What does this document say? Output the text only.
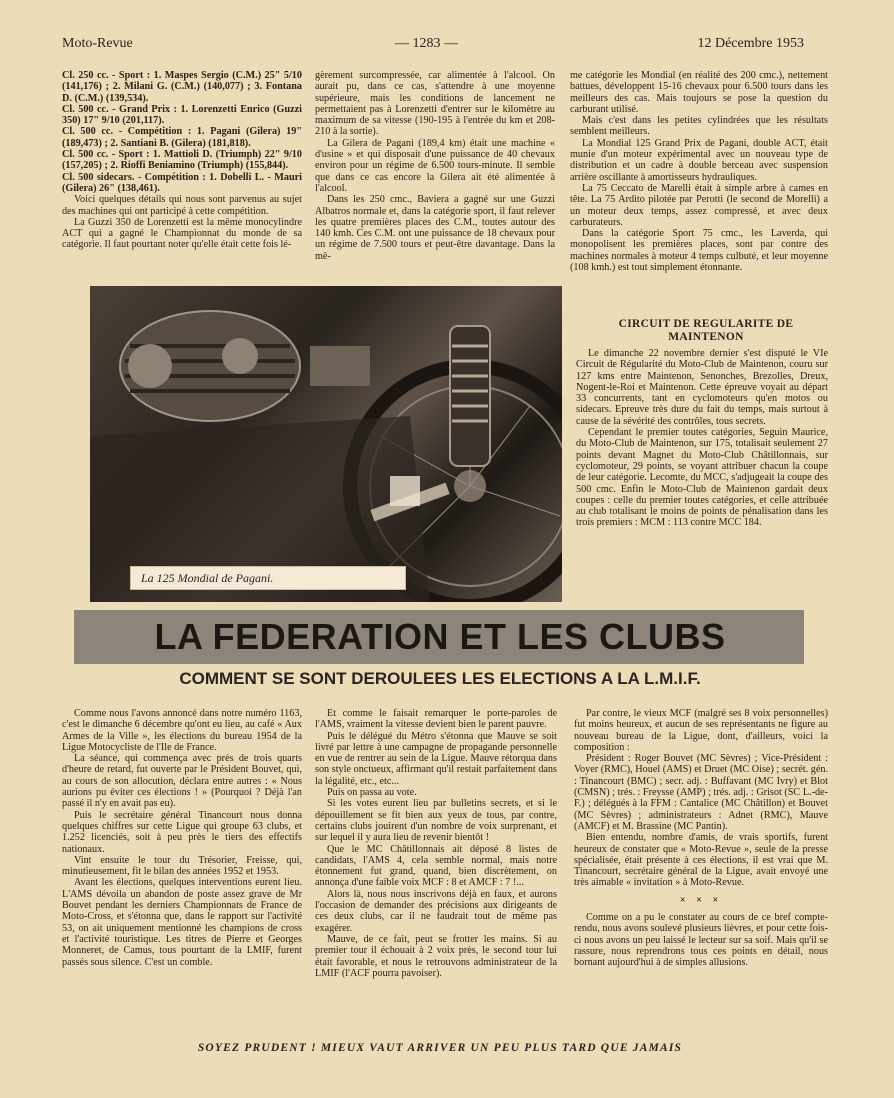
Moto-Revue	— 1283 —	12 Décembre 1953

Cl. 250 cc. - Sport : 1. Maspes Sergio (C.M.) 25" 5/10 (141,176) ; 2. Milani G. (C.M.) (140,077) ; 3. Fontana D. (C.M.) (139,534).

Cl. 500 cc. - Grand Prix : 1. Lorenzetti Enrico (Guzzi 350) 17" 9/10 (201,117).

Cl. 500 cc. - Compétition : 1. Pagani (Gilera) 19" (189,473) ; 2. Santiani B. (Gilera) (181,818).

Cl. 500 cc. - Sport : 1. Mattioli D. (Triumph) 22" 9/10 (157,205) ; 2. Rioffi Beniamino (Triumph) (155,844).

Cl. 500 sidecars. - Compétition : 1. Dobelli L. - Mauri (Gilera) 26" (138,461).

Voici quelques détails qui nous sont parvenus au sujet des machines qui ont participé à cette compétition.

La Guzzi 350 de Lorenzetti est la même monocylindre ACT qui a gagné le Championnat du monde de sa catégorie. Il faut pourtant noter qu'elle était cette fois lé-

gèrement surcompressée, car alimentée à l'alcool. On aurait pu, dans ce cas, s'attendre à une moyenne supérieure, mais les conditions de lancement ne permettaient pas à Lorenzetti d'entrer sur le kilomètre au maximum de sa vitesse (190-195 à l'entrée du km et 208-210 à la sortie).

La Gilera de Pagani (189,4 km) était une machine « d'usine » et qui disposait d'une puissance de 40 chevaux environ pour un régime de 6.500 tours-minute. Il semble que dans ce cas encore la Gilera ait été alimentée à l'alcool.

Dans les 250 cmc., Baviera a gagné sur une Guzzi Albatros normale et, dans la catégorie sport, il faut relever les quatre premières places des C.M., toutes autour des 140 kmh. Ces C.M. ont une puissance de 18 chevaux pour un régime de 7.500 tours et peut-être davantage. Dans la mê-

me catégorie les Mondial (en réalité des 200 cmc.), nettement battues, développent 15-16 chevaux pour 6.500 tours dans les meilleurs des cas. Mais toujours se pose la question du carburant utilisé.

Mais c'est dans les petites cylindrées que les résultats semblent meilleurs.

La Mondial 125 Grand Prix de Pagani, double ACT, était munie d'un moteur expérimental avec un nouveau type de distribution et un cadre à double berceau avec suspension arrière oscillante à amortisseurs hydrauliques.

La 75 Ceccato de Marelli était à simple arbre à cames en tête. La 75 Ardito pilotée par Perotti (le second de Morelli) a un moteur deux temps, assez compressé, et avec deux carburateurs.

Dans la catégorie Sport 75 cmc., les Laverda, qui monopolisent les premières places, sont par contre des machines normales à moteur 4 temps culbuté, et leur moyenne (108 kmh.) est tout simplement étonnante.

CIRCUIT DE REGULARITE DE MAINTENON

Le dimanche 22 novembre dernier s'est disputé le VIe Circuit de Régularité du Moto-Club de Maintenon, couru sur 127 kms entre Maintenon, Senonches, Brezolles, Dreux, Nogent-le-Roi et Maintenon. Cette épreuve voyait au départ 33 concurrents, tant en cyclomoteurs qu'en motos ou sidecars. Epreuve très dure du fait du temps, mais surtout à cause de la sévérité des contrôles, tous secrets.

Cependant le premier toutes catégories, Seguin Maurice, du Moto-Club de Maintenon, sur 175, totalisait seulement 27 points devant Magnet du Moto-Club Châtillonnais, sur cyclomoteur, 29 points, se voyant attribuer chacun la coupe de leur catégorie. Lecomte, du MCC, s'adjugeait la coupe des 500 cmc. Enfin le Moto-Club de Maintenon gardait deux coupes : celle du premier toutes catégories, et celle attribuée au club totalisant le moins de points de pénalisation dans les trois premiers : MCM : 113 contre MCC 184.

La 125 Mondial de Pagani.
LA FEDERATION ET LES CLUBS
COMMENT SE SONT DEROULEES LES ELECTIONS A LA L.M.I.F.

Comme nous l'avons annoncé dans notre numéro 1163, c'est le dimanche 6 décembre qu'ont eu lieu, au café « Aux Armes de la Ville », les élections du bureau 1954 de la Ligue Motocycliste de l'Ile de France.

La séance, qui commença avec près de trois quarts d'heure de retard, fut ouverte par le Président Bouvet, qui, au cours de son allocution, déclara entre autres : « Nous aurions pu éviter ces élections ! » (Pourquoi ? Déjà l'an passé il n'y en avait pas eu).

Puis le secrétaire général Tinancourt nous donna quelques chiffres sur cette Ligue qui groupe 63 clubs, et 1.252 licenciés, soit à peu près le tiers des effectifs nationaux.

Vint ensuite le tour du Trésorier, Freisse, qui, minutieusement, fit le bilan des années 1952 et 1953.

Avant les élections, quelques interventions eurent lieu. L'AMS dévoila un abandon de poste assez grave de Mr Bouvet pendant les derniers Championnats de France de Moto-Cross, et s'étonna que, dans le rapport sur l'activité 53, on ait uniquement mentionné les champions de cross et l'activité touristique. Les titres de Pierre et Georges Monneret, de Camus, tous pourtant de la LMIF, furent passés sous silence. C'est un comble.

Et comme le faisait remarquer le porte-paroles de l'AMS, vraiment la vitesse devient bien le parent pauvre.

Puis le délégué du Métro s'étonna que Mauve se soit livré par lettre à une campagne de propagande personnelle en vue de rentrer au sein de la Ligue. Mauve rétorqua dans son style onctueux, affirmant qu'il restait parfaitement dans la légalité, etc., etc...

Puis on passa au vote.

Si les votes eurent lieu par bulletins secrets, et si le dépouillement se fit bien aux yeux de tous, par contre, certains clubs jouirent d'un nombre de voix surprenant, et sur lequel il y aura lieu de revenir bientôt !

Que le MC Châtillonnais ait déposé 8 listes de candidats, l'AMS 4, cela semble normal, mais notre étonnement fut grand, quand, bien discrètement, on annonça d'une faible voix MCF : 8 et AMCF : 7 !...

Alors là, nous nous inscrivons déjà en faux, et aurons l'occasion de demander des précisions aux dirigeants de ces deux clubs, car il ne faudrait tout de même pas exagérer.

Mauve, de ce fait, peut se frotter les mains. Si au premier tour il échouait à 2 voix près, le second tour lui était favorable, et nous le retrouvons administrateur de la LMIF (l'ACF pourra pavoiser).

Par contre, le vieux MCF (malgré ses 8 voix personnelles) fut moins heureux, et aucun de ses représentants ne figure au nouveau bureau de la Ligue, dont, d'ailleurs, voici la composition :

Président : Roger Bouvet (MC Sèvres) ; Vice-Président : Voyer (RMC), Houel (AMS) et Druet (MC Oise) ; secrét. gén. : Tinancourt (BMC) ; secr. adj. : Buffavant (MC Ivry) et Blot (CMSN) ; trés. : Freysse (AMP) ; trés. adj. : Grisot (SC L.-de-F.) ; délégués à la FFM : Cantalice (MC Châtillon) et Bouvet (MC Sèvres) ; administrateurs : Adnet (RMC), Mauve (AMCF) et M. Brassine (MC Pantin).

Bien entendu, nombre d'amis, de vrais sportifs, furent heureux de constater que « Moto-Revue », seule de la presse spécialisée, était présente à ces élections, il est vrai que M. Tinancourt, secrétaire général de la Ligue, avait envoyé une très aimable « invitation » à Moto-Revue.

× × ×

Comme on a pu le constater au cours de ce bref compte-rendu, nous avons soulevé plusieurs lièvres, et pour cette fois-ci nous avons un peu laissé le lecteur sur sa soif. Mais qu'il se rassure, nous reprendrons tous ces points en détail, nous bornant aujourd'hui à de simples allusions.

SOYEZ PRUDENT ! MIEUX VAUT ARRIVER UN PEU PLUS TARD QUE JAMAIS
